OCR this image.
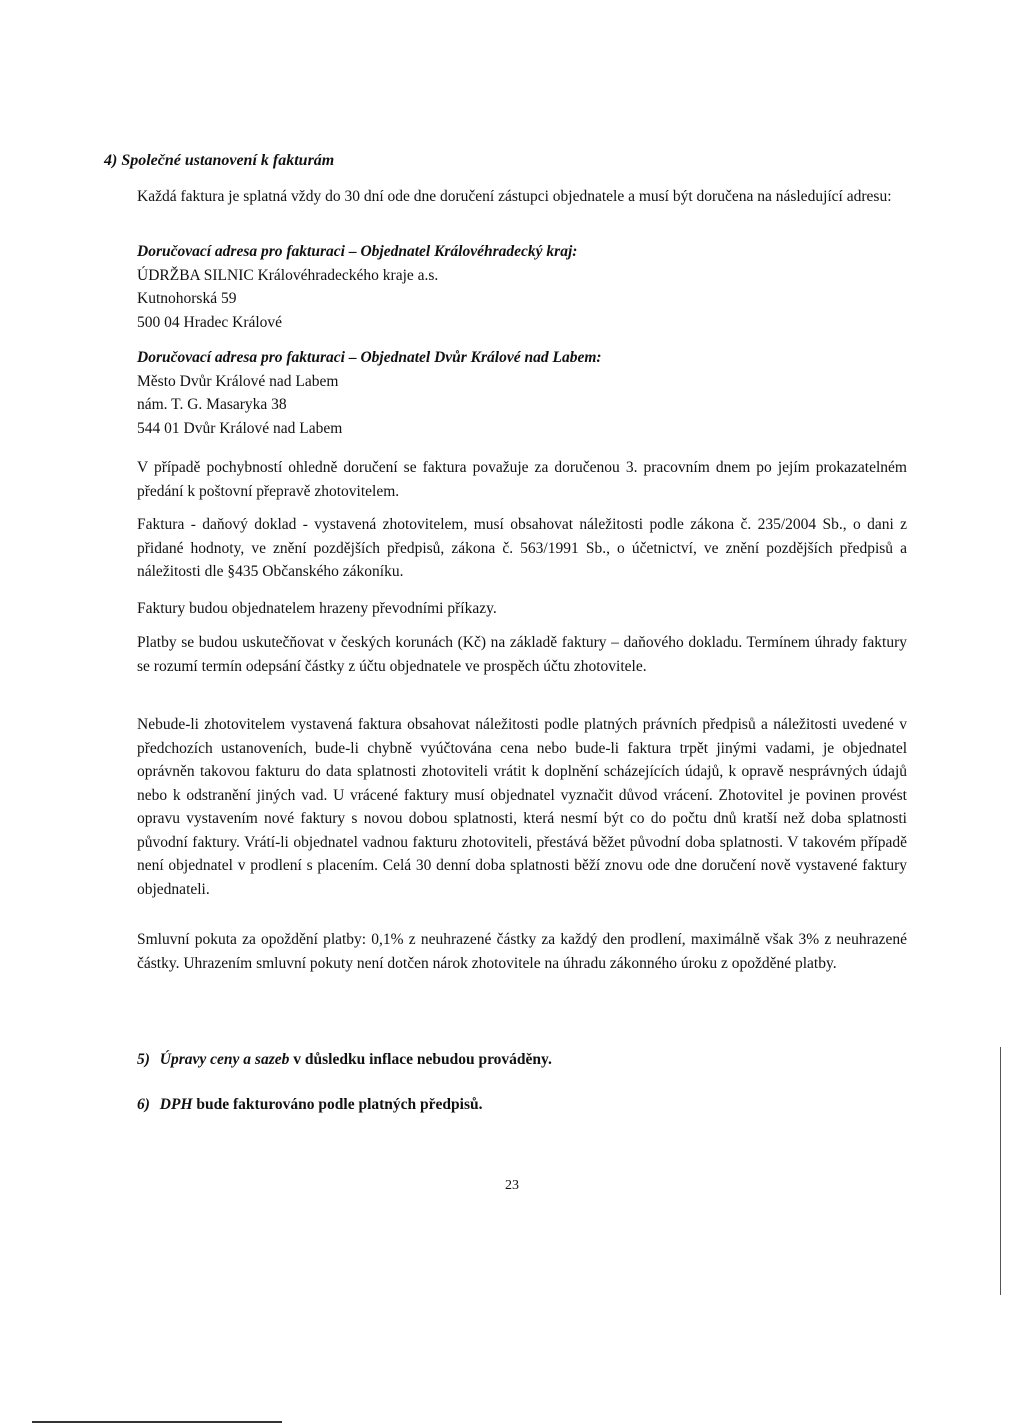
4) Společné ustanovení k fakturám

Každá faktura je splatná vždy do 30 dní ode dne doručení zástupci objednatele a musí být doručena na následující adresu:

Doručovací adresa pro fakturaci – Objednatel Královéhradecký kraj:
ÚDRŽBA SILNIC Královéhradeckého kraje a.s.
Kutnohorská 59
500 04 Hradec Králové
Doručovací adresa pro fakturaci – Objednatel Dvůr Králové nad Labem:
Město Dvůr Králové nad Labem
nám. T. G. Masaryka 38
544 01 Dvůr Králové nad Labem

V případě pochybností ohledně doručení se faktura považuje za doručenou 3. pracovním dnem po jejím prokazatelném předání k poštovní přepravě zhotovitelem.

Faktura - daňový doklad - vystavená zhotovitelem, musí obsahovat náležitosti podle zákona č. 235/2004 Sb., o dani z přidané hodnoty, ve znění pozdějších předpisů, zákona č. 563/1991 Sb., o účetnictví, ve znění pozdějších předpisů a náležitosti dle §435 Občanského zákoníku.

Faktury budou objednatelem hrazeny převodními příkazy.

Platby se budou uskutečňovat v českých korunách (Kč) na základě faktury – daňového dokladu. Termínem úhrady faktury se rozumí termín odepsání částky z účtu objednatele ve prospěch účtu zhotovitele.

Nebude-li zhotovitelem vystavená faktura obsahovat náležitosti podle platných právních předpisů a náležitosti uvedené v předchozích ustanoveních, bude-li chybně vyúčtována cena nebo bude-li faktura trpět jinými vadami, je objednatel oprávněn takovou fakturu do data splatnosti zhotoviteli vrátit k doplnění scházejících údajů, k opravě nesprávných údajů nebo k odstranění jiných vad. U vrácené faktury musí objednatel vyznačit důvod vrácení. Zhotovitel je povinen provést opravu vystavením nové faktury s novou dobou splatnosti, která nesmí být co do počtu dnů kratší než doba splatnosti původní faktury. Vrátí-li objednatel vadnou fakturu zhotoviteli, přestává běžet původní doba splatnosti. V takovém případě není objednatel v prodlení s placením. Celá 30 denní doba splatnosti běží znovu ode dne doručení nově vystavené faktury objednateli.

Smluvní pokuta za opoždění platby: 0,1% z neuhrazené částky za každý den prodlení, maximálně však 3% z neuhrazené částky. Uhrazením smluvní pokuty není dotčen nárok zhotovitele na úhradu zákonného úroku z opožděné platby.

5) Úpravy ceny a sazeb v důsledku inflace nebudou prováděny.
6) DPH bude fakturováno podle platných předpisů.
23
